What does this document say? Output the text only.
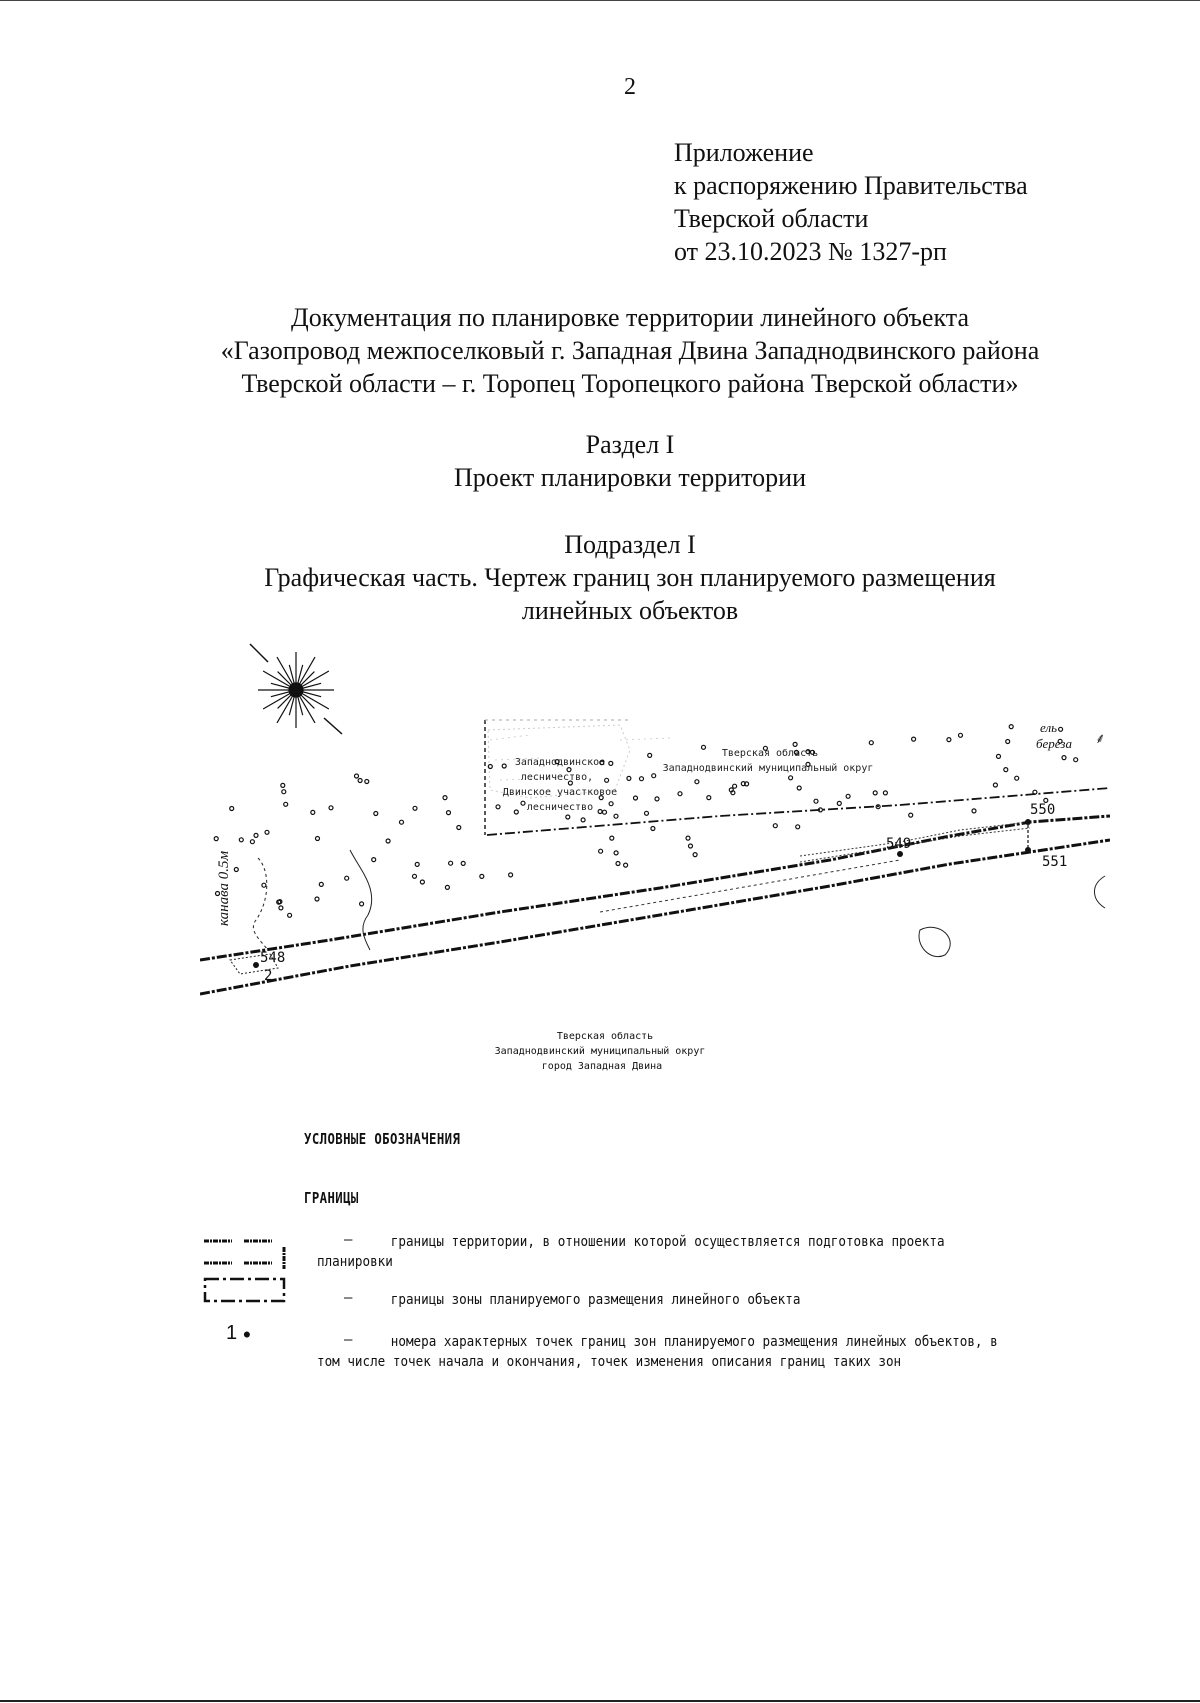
2
Приложение
к распоряжению Правительства
Тверской области
от 23.10.2023 № 1327-рп
Документация по планировке территории линейного объекта
«Газопровод межпоселковый г. Западная Двина Западнодвинского района
Тверской области – г. Торопец Торопецкого района Тверской области»
Раздел I
Проект планировки территории
Подраздел I
Графическая часть. Чертеж границ зон планируемого размещения
линейных объектов
Западнодвинское
лесничество,
Двинское участковое
лесничество
Тверская область
Западнодвинский муниципальный округ
ель
береза ⸙
548
2
549
550
551
канава 0.5м
Тверская область
Западнодвинский муниципальный округ
город Западная Двина
УСЛОВНЫЕ ОБОЗНАЧЕНИЯ
ГРАНИЦЫ
–	границы территории, в отношении которой осуществляется подготовка проекта планировки
–	границы зоны планируемого размещения линейного объекта
1 ●	–	номера характерных точек границ зон планируемого размещения линейных объектов, в том числе точек начала и окончания, точек изменения описания границ таких зон
